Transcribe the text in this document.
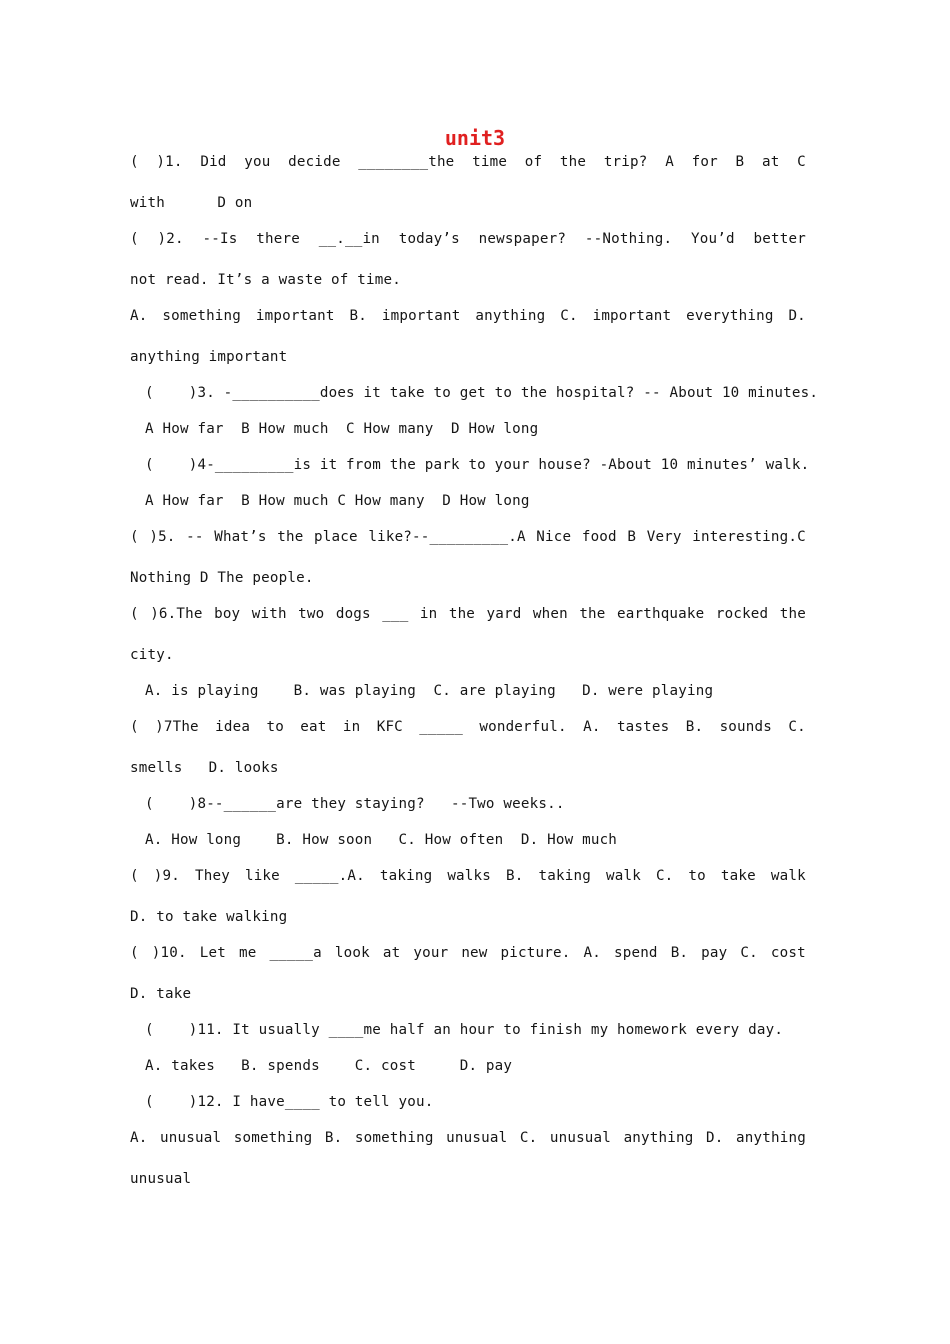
unit3
( )1. Did you decide ________the time of the trip? A for B at C
with      D on
( )2. --Is there __.__in today’s newspaper? --Nothing. You’d better
not read. It’s a waste of time.
A. something important B. important anything C. important everything D.
anything important
(    )3. -__________does it take to get to the hospital? -- About 10 minutes.
A How far  B How much  C How many  D How long
(    )4-_________is it from the park to your house? -About 10 minutes’ walk.
A How far  B How much C How many  D How long
( )5. -- What’s the place like?--_________.A Nice food B Very interesting.C
Nothing D The people.
( )6.The boy with two dogs ___ in the yard when the earthquake rocked the
city.
A. is playing    B. was playing  C. are playing   D. were playing
( )7The idea to eat in KFC _____ wonderful. A. tastes B. sounds C.
smells   D. looks
(    )8--______are they staying?   --Two weeks..
A. How long    B. How soon   C. How often  D. How much
( )9. They like _____.A. taking walks B. taking walk C. to take walk
D. to take walking
( )10. Let me _____a look at your new picture. A. spend B. pay C. cost
D. take
(    )11. It usually ____me half an hour to finish my homework every day.
A. takes   B. spends    C. cost     D. pay
(    )12. I have____ to tell you.
A. unusual something B. something unusual C. unusual anything D. anything
unusual
